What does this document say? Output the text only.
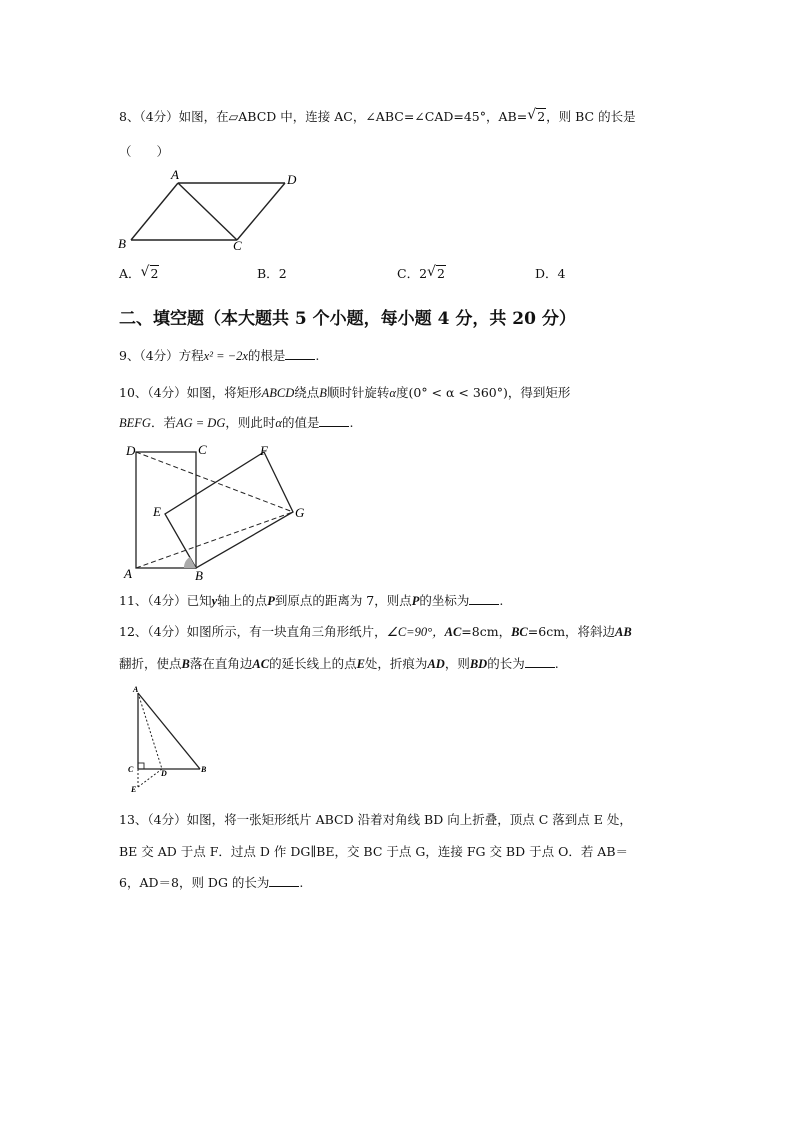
8、（4分）如图，在▱ABCD 中，连接 AC，∠ABC=∠CAD=45°，AB= √ 2，则 BC 的长是
（　　）
A	D
B	C
A． √ 2	B．2	C．2 √ 2	D．4
二、填空题（本大题共 5 个小题，每小题 4 分，共 20 分）
9、（4分）方程x² = −2x的根是 .
10、（4分）如图，将矩形ABCD绕点B顺时针旋转α度(0° < α < 360°)，得到矩形
BEFG．若AG = DG，则此时α的值是 .
D	C	F
E	G
A	B
11、（4分）已知y轴上的点P到原点的距离为 7，则点P的坐标为 .
12、（4分）如图所示，有一块直角三角形纸片，∠C=90°，AC=8cm，BC=6cm，将斜边AB
翻折，使点B落在直角边AC的延长线上的点E处，折痕为AD，则BD的长为 .
A
C	D	B
E
13、（4分）如图，将一张矩形纸片 ABCD 沿着对角线 BD 向上折叠，顶点 C 落到点 E 处，
BE 交 AD 于点 F．过点 D 作 DG∥BE，交 BC 于点 G，连接 FG 交 BD 于点 O．若 AB＝
6，AD＝8，则 DG 的长为 .
